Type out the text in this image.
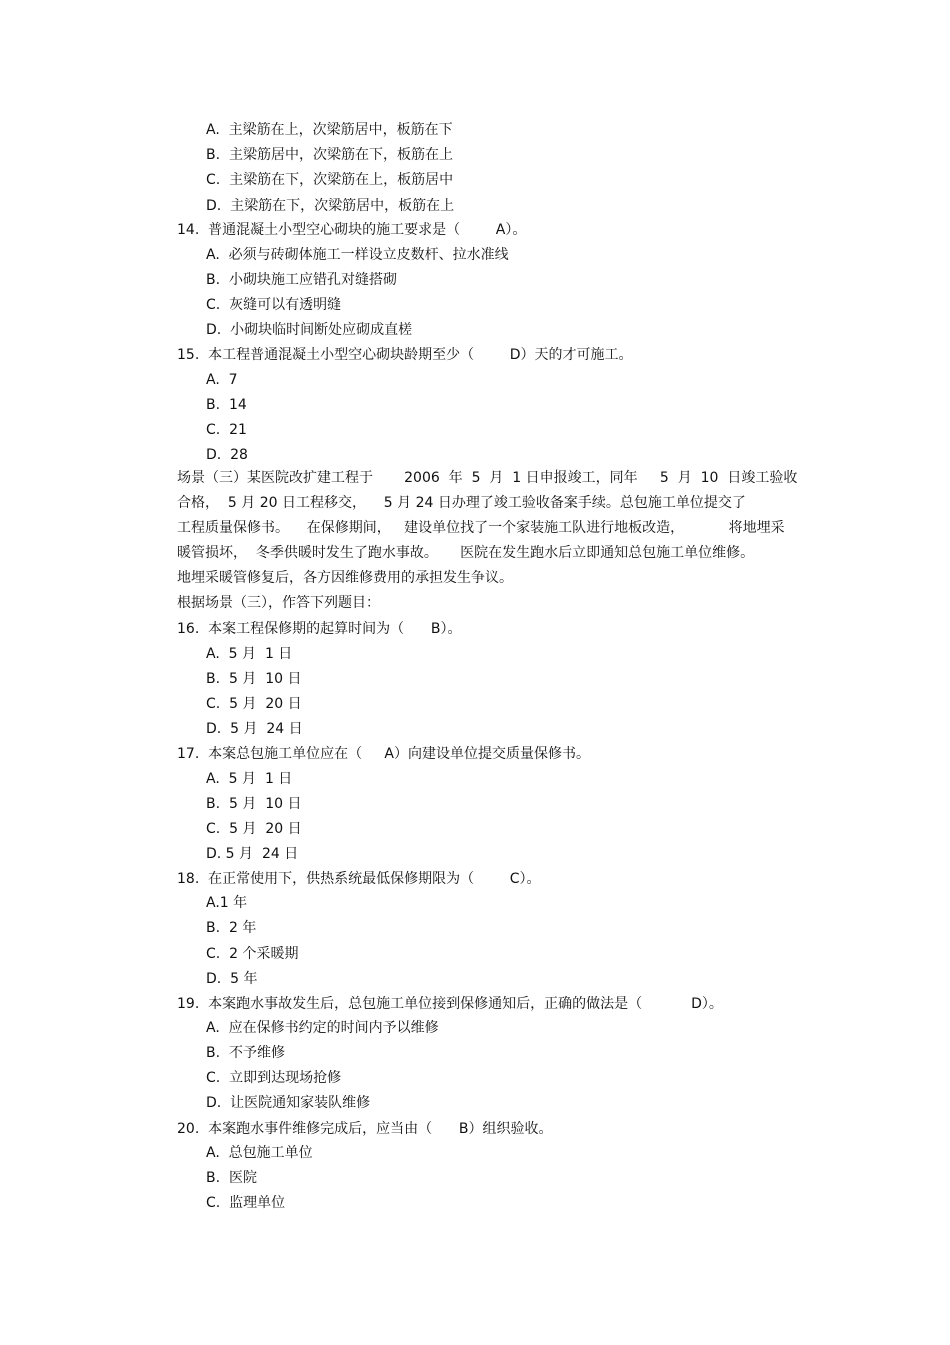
A.  主梁筋在上，次梁筋居中，板筋在下
B.  主梁筋居中，次梁筋在下，板筋在上
C.  主梁筋在下，次梁筋在上，板筋居中
D.  主梁筋在下，次梁筋居中，板筋在上
14.  普通混凝土小型空心砌块的施工要求是（        A）。
A.  必须与砖砌体施工一样设立皮数杆、拉水准线
B.  小砌块施工应错孔对缝搭砌
C.  灰缝可以有透明缝
D.  小砌块临时间断处应砌成直槎
15.  本工程普通混凝土小型空心砌块龄期至少（        D）天的才可施工。
A.  7
B.  14
C.  21
D.  28
场景（三）某医院改扩建工程于       2006  年  5  月  1 日申报竣工，同年     5  月  10  日竣工验收
合格，  5 月 20 日工程移交，    5 月 24 日办理了竣工验收备案手续。总包施工单位提交了
工程质量保修书。    在保修期间，   建设单位找了一个家装施工队进行地板改造，          将地埋采
暖管损坏，  冬季供暖时发生了跑水事故。     医院在发生跑水后立即通知总包施工单位维修。
地埋采暖管修复后，各方因维修费用的承担发生争议。
根据场景（三），作答下列题目：
16.  本案工程保修期的起算时间为（      B）。
A.  5 月  1 日
B.  5 月  10 日
C.  5 月  20 日
D.  5 月  24 日
17.  本案总包施工单位应在（     A）向建设单位提交质量保修书。
A.  5 月  1 日
B.  5 月  10 日
C.  5 月  20 日
D. 5 月  24 日
18.  在正常使用下，供热系统最低保修期限为（        C）。
A.1 年
B.  2 年
C.  2 个采暖期
D.  5 年
19.  本案跑水事故发生后，总包施工单位接到保修通知后，正确的做法是（           D）。
A.  应在保修书约定的时间内予以维修
B.  不予维修
C.  立即到达现场抢修
D.  让医院通知家装队维修
20.  本案跑水事件维修完成后，应当由（      B）组织验收。
A.  总包施工单位
B.  医院
C.  监理单位
